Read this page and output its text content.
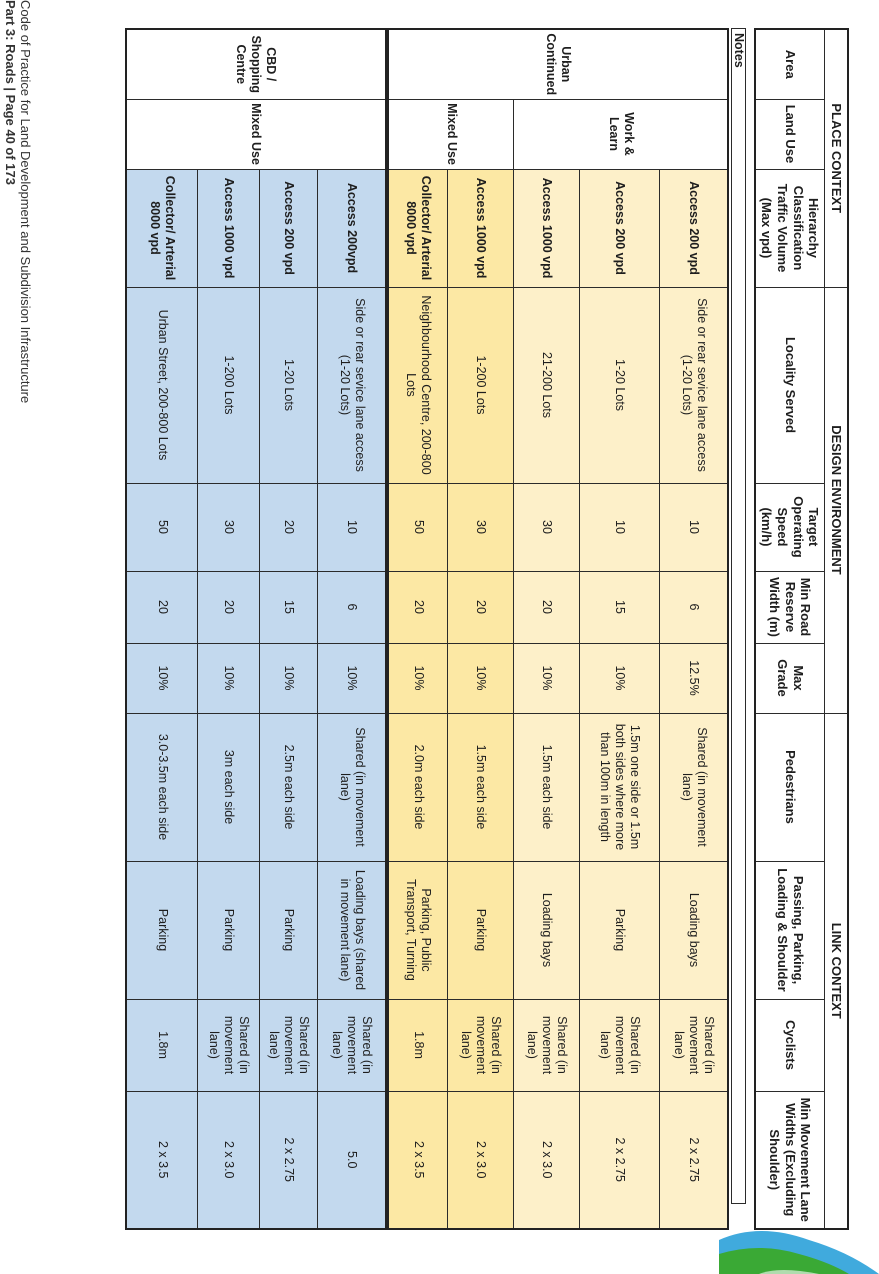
PLACE CONTEXT			DESIGN ENVIRONMENT				LINK CONTEXT			
Area	Land Use	Hierarchy Classification Traffic Volume (Max vpd)	Locality Served	Target Operating Speed (km/h)	Min Road Reserve Width (m)	Max Grade	Pedestrians	Passing, Parking, Loading & Shoulder	Cyclists	Min Movement Lane Widths (Excluding Shoulder)
Notes
Urban Continued	Work & Learn	Access 200 vpd	Side or rear sevice lane access (1-20 Lots)	10	6	12.5%	Shared (in movement lane)	Loading bays	Shared (in movement lane)	2 x 2.75
		Access 200 vpd	1-20 Lots	10	15	10%	1.5m one side or 1.5m both sides where more than 100m in length	Parking	Shared (in movement lane)	2 x 2.75
		Access 1000 vpd	21-200 Lots	30	20	10%	1.5m each side	Loading bays	Shared (in movement lane)	2 x 3.0
	Mixed Use	Access 1000 vpd	1-200 Lots	30	20	10%	1.5m each side	Parking	Shared (in movement lane)	2 x 3.0
		Collector/ Arterial 8000 vpd	Neighbourhood Centre, 200-800 Lots	50	20	10%	2.0m each side	Parking, Public Transport, Turning	1.8m	2 x 3.5
CBD / Shopping Centre	Mixed Use	Access 200vpd	Side or rear sevice lane access (1-20 Lots)	10	6	10%	Shared (in movement lane)	Loading bays (shared in movement lane)	Shared (in movement lane)	5.0
		Access 200 vpd	1-20 Lots	20	15	10%	2.5m each side	Parking	Shared (in movement lane)	2 x 2.75
		Access 1000 vpd	1-200 Lots	30	20	10%	3m each side	Parking	Shared (in movement lane)	2 x 3.0
		Collector/ Arterial 8000 vpd	Urban Street, 200-800 Lots	50	20	10%	3.0-3.5m each side	Parking	1.8m	2 x 3.5
Code of Practice for Land Development and Subdivision Infrastructure
Part 3: Roads | Page 40 of 173
